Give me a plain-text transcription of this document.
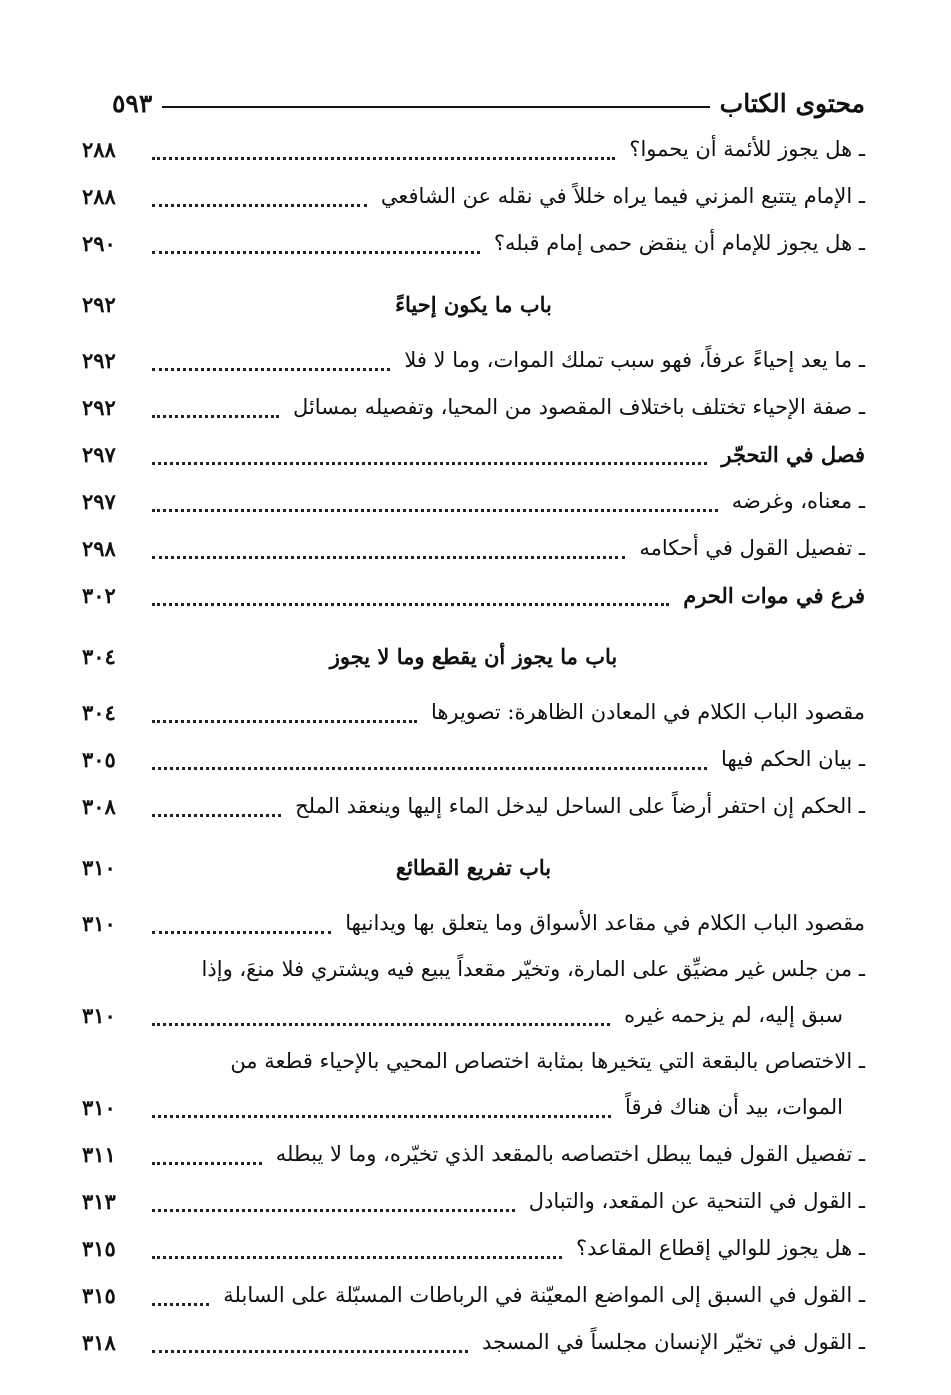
محتوى الكتاب
٥٩٣
ـ هل يجوز للأئمة أن يحموا؟
٢٨٨
ـ الإمام يتتبع المزني فيما يراه خللاً في نقله عن الشافعي
٢٨٨
ـ هل يجوز للإمام أن ينقض حمى إمام قبله؟
٢٩٠
باب ما يكون إحياءً
٢٩٢
ـ ما يعد إحياءً عرفاً، فهو سبب تملك الموات، وما لا فلا
٢٩٢
ـ صفة الإحياء تختلف باختلاف المقصود من المحيا، وتفصيله بمسائل
٢٩٢
فصل في التحجّر
٢٩٧
ـ معناه، وغرضه
٢٩٧
ـ تفصيل القول في أحكامه
٢٩٨
فرع في موات الحرم
٣٠٢
باب ما يجوز أن يقطع وما لا يجوز
٣٠٤
مقصود الباب الكلام في المعادن الظاهرة: تصويرها
٣٠٤
ـ بيان الحكم فيها
٣٠٥
ـ الحكم إن احتفر أرضاً على الساحل ليدخل الماء إليها وينعقد الملح
٣٠٨
باب تفريع القطائع
٣١٠
مقصود الباب الكلام في مقاعد الأسواق وما يتعلق بها ويدانيها
٣١٠
ـ من جلس غير مضيِّق على المارة، وتخيّر مقعداً يبيع فيه ويشتري فلا منعَ، وإذا
سبق إليه، لم يزحمه غيره
٣١٠
ـ الاختصاص بالبقعة التي يتخيرها بمثابة اختصاص المحيي بالإحياء قطعة من
الموات، بيد أن هناك فرقاً
٣١٠
ـ تفصيل القول فيما يبطل اختصاصه بالمقعد الذي تخيّره، وما لا يبطله
٣١١
ـ القول في التنحية عن المقعد، والتبادل
٣١٣
ـ هل يجوز للوالي إقطاع المقاعد؟
٣١٥
ـ القول في السبق إلى المواضع المعيّنة في الرباطات المسبّلة على السابلة
٣١٥
ـ القول في تخيّر الإنسان مجلساً في المسجد
٣١٨
